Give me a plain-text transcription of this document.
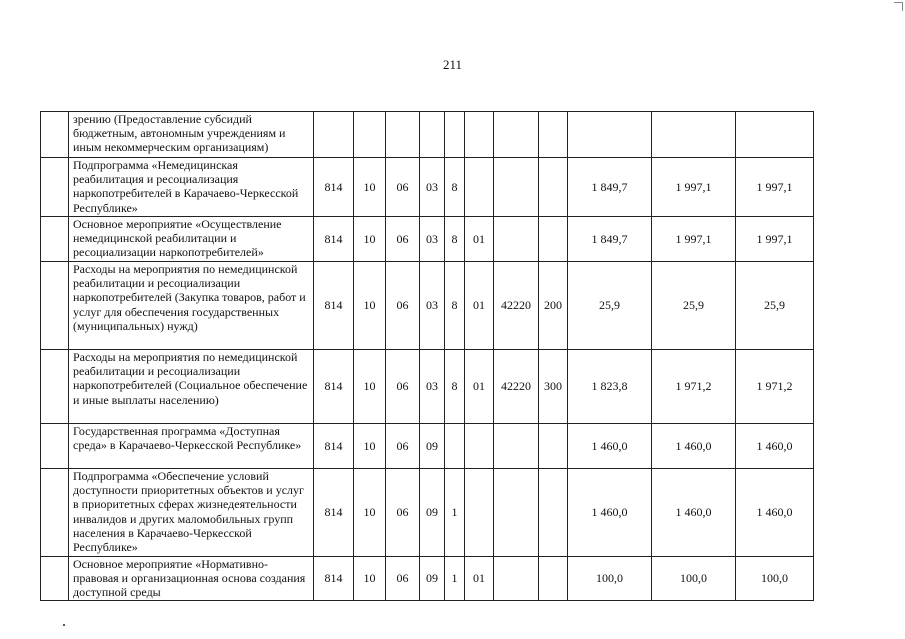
211
	зрению (Предоставление субсидий бюджетным, автономным учреждениям и иным некоммерческим организациям)											
	Подпрограмма «Немедицинская реабилитация и ресоциализация наркопотребителей в Карачаево-Черкесской Республике»	814	10	06	03	8				1 849,7	1 997,1	1 997,1
	Основное мероприятие «Осуществление немедицинской реабилитации и ресоциализации наркопотребителей»	814	10	06	03	8	01			1 849,7	1 997,1	1 997,1
	Расходы на мероприятия по немедицинской реабилитации и ресоциализации наркопотребителей (Закупка товаров, работ и услуг для обеспечения государственных (муниципальных) нужд)	814	10	06	03	8	01	42220	200	25,9	25,9	25,9
	Расходы на мероприятия по немедицинской реабилитации и ресоциализации наркопотребителей (Социальное обеспечение и иные выплаты населению)	814	10	06	03	8	01	42220	300	1 823,8	1 971,2	1 971,2
	Государственная программа «Доступная среда» в Карачаево-Черкесской Республике»	814	10	06	09					1 460,0	1 460,0	1 460,0
	Подпрограмма «Обеспечение условий доступности приоритетных объектов и услуг в приоритетных сферах жизнедеятельности инвалидов и других маломобильных групп населения в Карачаево-Черкесской Республике»	814	10	06	09	1				1 460,0	1 460,0	1 460,0
	Основное мероприятие «Нормативно-правовая и организационная основа создания доступной среды	814	10	06	09	1	01			100,0	100,0	100,0
